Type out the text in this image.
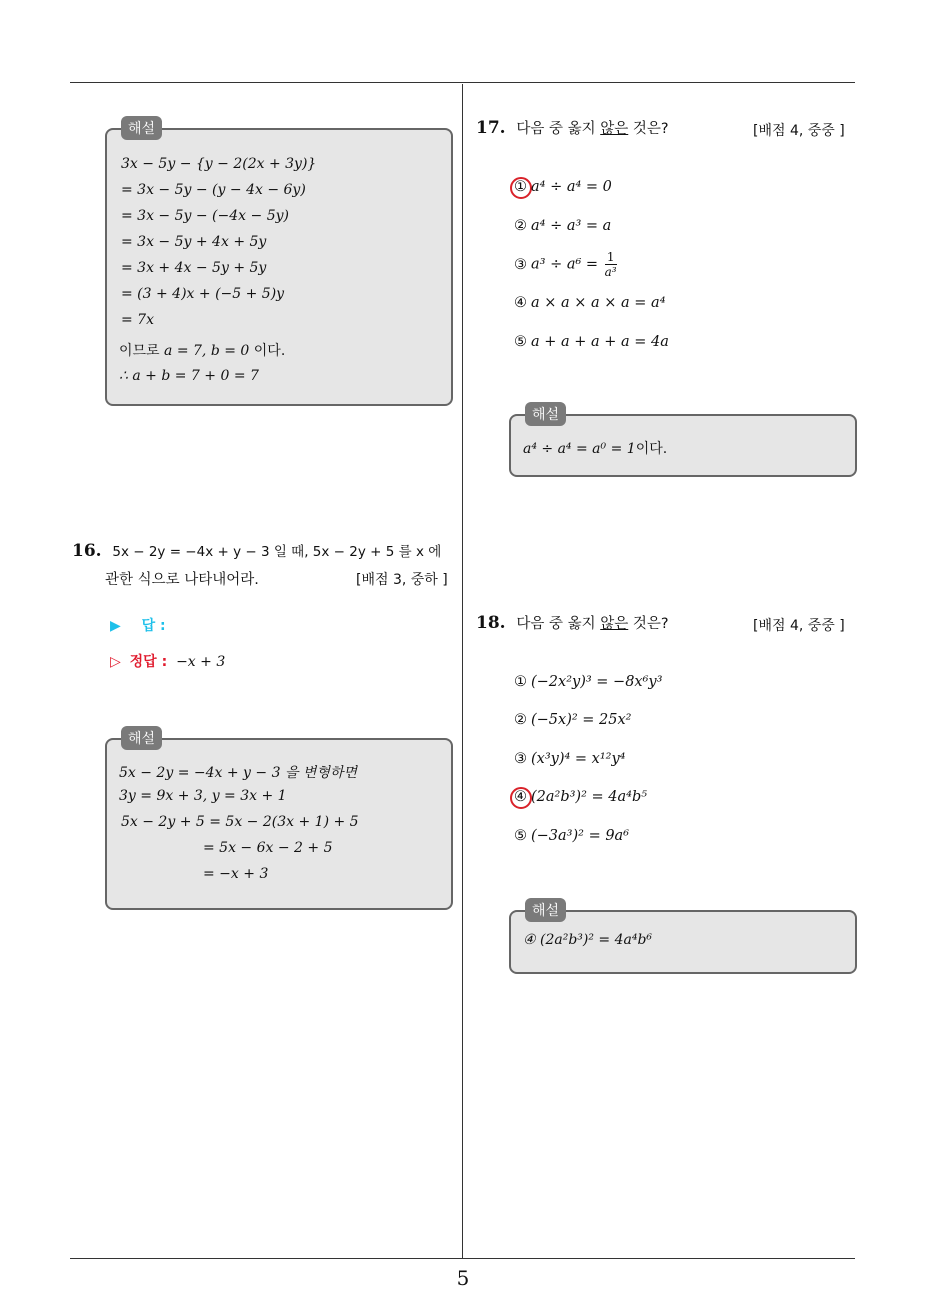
5
해설
3x − 5y − {y − 2(2x + 3y)}
= 3x − 5y − (y − 4x − 6y)
= 3x − 5y − (−4x − 5y)
= 3x − 5y + 4x + 5y
= 3x + 4x − 5y + 5y
= (3 + 4)x + (−5 + 5)y
= 7x
이므로 a = 7, b = 0 이다.
∴ a + b = 7 + 0 = 7
16. 5x − 2y = −4x + y − 3 일 때, 5x − 2y + 5 를 x 에
관한 식으로 나타내어라.	[배점 3, 중하 ]
▶ 답 :
▷ 정답 : −x + 3
해설
5x − 2y = −4x + y − 3 을 변형하면
3y = 9x + 3, y = 3x + 1
5x − 2y + 5 = 5x − 2(3x + 1) + 5
= 5x − 6x − 2 + 5
= −x + 3
17. 다음 중 옳지 않은 것은?	[배점 4, 중중 ]
① a⁴ ÷ a⁴ = 0
② a⁴ ÷ a³ = a
③ $a^3 \div a^6 = \frac{1}{\text{a³}}$
④ a × a × a × a = a⁴
⑤ a + a + a + a = 4a
해설
a⁴ ÷ a⁴ = a⁰ = 1이다.
18. 다음 중 옳지 않은 것은?	[배점 4, 중중 ]
① (−2x²y)³ = −8x⁶y³
② (−5x)² = 25x²
③ (x³y)⁴ = x¹²y⁴
④ (2a²b³)² = 4a⁴b⁵
⑤ (−3a³)² = 9a⁶
해설
④ (2a²b³)² = 4a⁴b⁶
